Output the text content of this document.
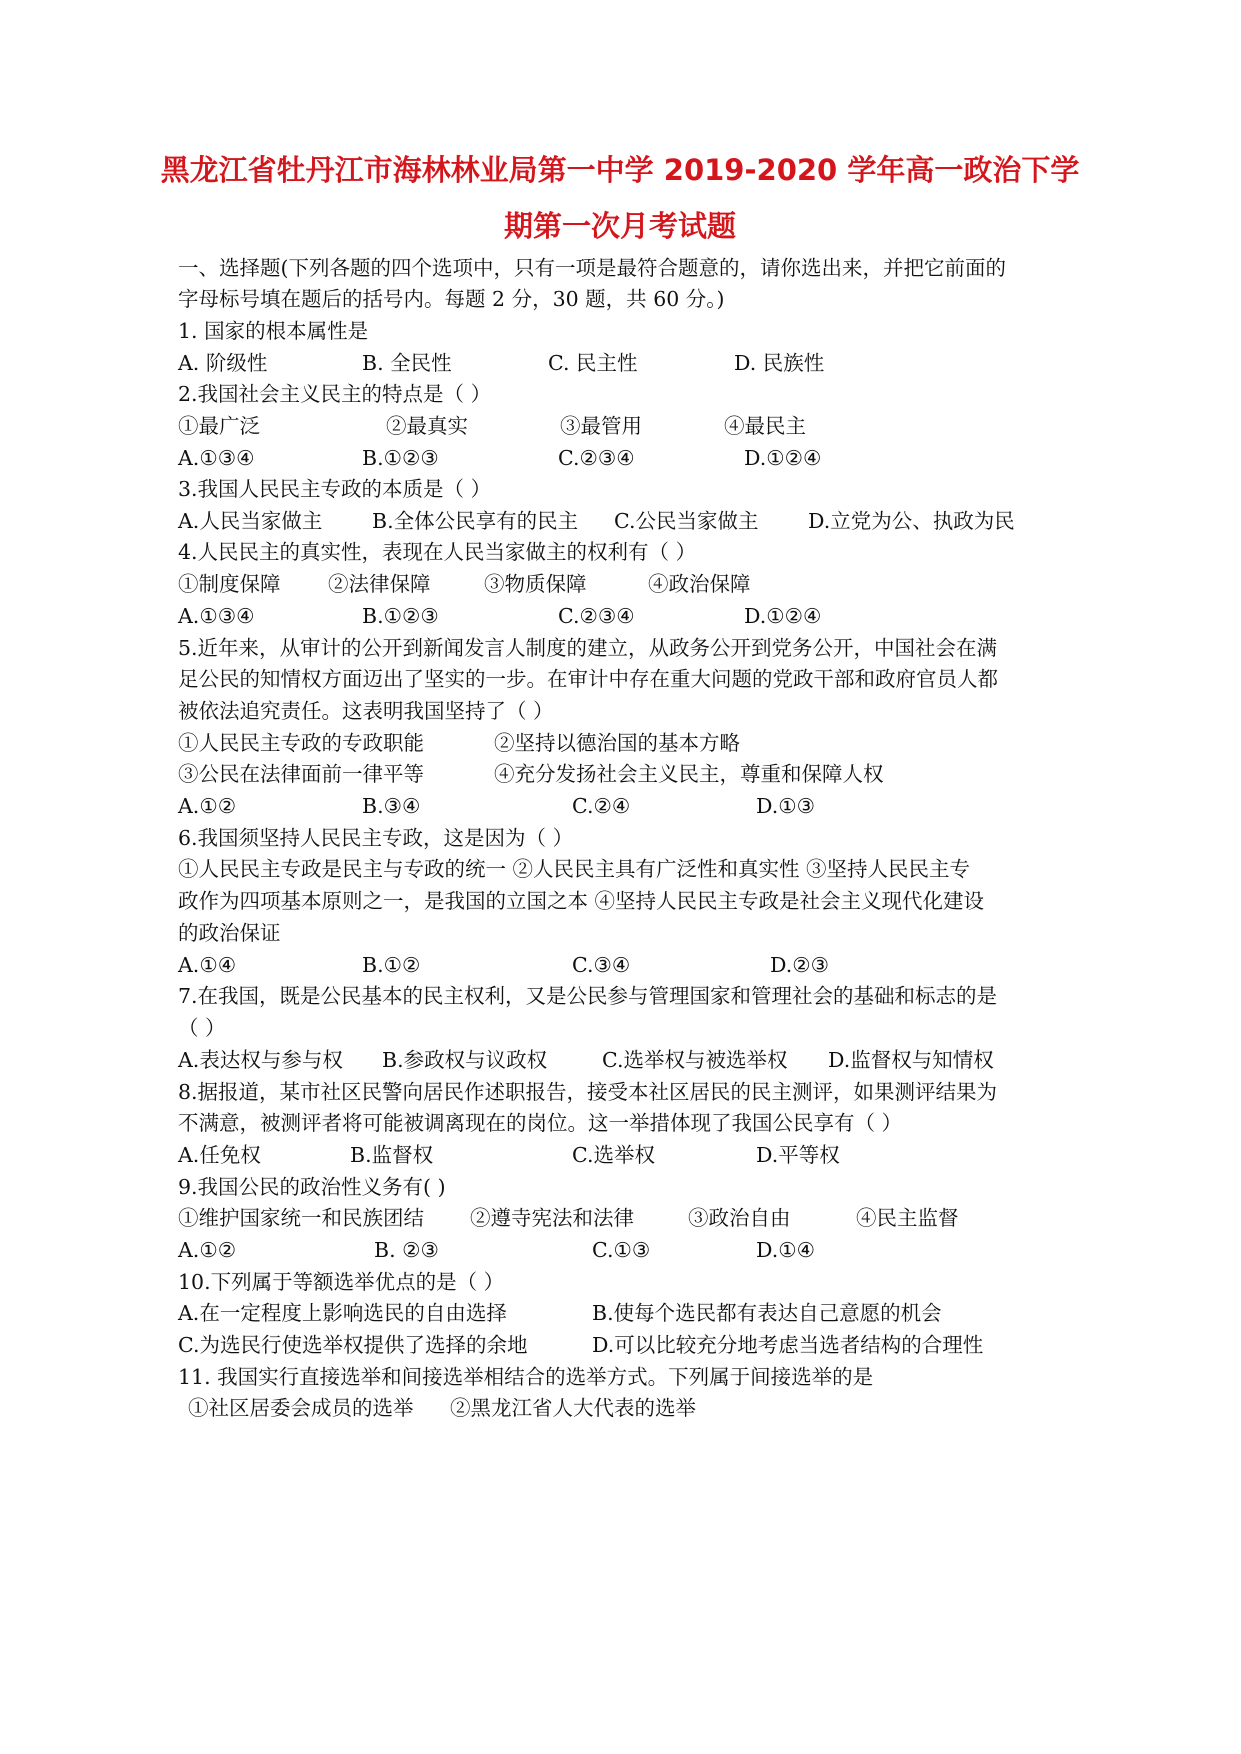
黑龙江省牡丹江市海林林业局第一中学 2019-2020 学年高一政治下学
期第一次月考试题
一、选择题(下列各题的四个选项中，只有一项是最符合题意的，请你选出来，并把它前面的
字母标号填在题后的括号内。每题 2 分，30 题，共 60 分。)
1. 国家的根本属性是
A. 阶级性	B. 全民性	C. 民主性	D. 民族性
2.我国社会主义民主的特点是（ ）
①最广泛	②最真实	③最管用	④最民主
A.①③④	B.①②③	C.②③④	D.①②④
3.我国人民民主专政的本质是（ ）
A.人民当家做主 B.全体公民享有的民主 C.公民当家做主 D.立党为公、执政为民
4.人民民主的真实性，表现在人民当家做主的权利有（ ）
①制度保障 ②法律保障	③物质保障	④政治保障
A.①③④	B.①②③	C.②③④	D.①②④
5.近年来，从审计的公开到新闻发言人制度的建立，从政务公开到党务公开，中国社会在满
足公民的知情权方面迈出了坚实的一步。在审计中存在重大问题的党政干部和政府官员人都
被依法追究责任。这表明我国坚持了（ ）
①人民民主专政的专政职能	②坚持以德治国的基本方略
③公民在法律面前一律平等	④充分发扬社会主义民主，尊重和保障人权
A.①②	B.③④	C.②④	D.①③
6.我国须坚持人民民主专政，这是因为（ ）
①人民民主专政是民主与专政的统一 ②人民民主具有广泛性和真实性 ③坚持人民民主专
政作为四项基本原则之一，是我国的立国之本 ④坚持人民民主专政是社会主义现代化建设
的政治保证
A.①④	B.①②	C.③④	D.②③
7.在我国，既是公民基本的民主权利，又是公民参与管理国家和管理社会的基础和标志的是
（ ）
A.表达权与参与权 B.参政权与议政权	C.选举权与被选举权 D.监督权与知情权
8.据报道，某市社区民警向居民作述职报告，接受本社区居民的民主测评，如果测评结果为
不满意，被测评者将可能被调离现在的岗位。这一举措体现了我国公民享有（ ）
A.任免权	B.监督权	C.选举权	D.平等权
9.我国公民的政治性义务有( )
①维护国家统一和民族团结 ②遵寺宪法和法律	③政治自由	④民主监督
A.①②	B. ②③	C.①③	D.①④
10.下列属于等额选举优点的是（ ）
A.在一定程度上影响选民的自由选择	B.使每个选民都有表达自己意愿的机会
C.为选民行使选举权提供了选择的余地	D.可以比较充分地考虑当选者结构的合理性
11. 我国实行直接选举和间接选举相结合的选举方式。下列属于间接选举的是
①社区居委会成员的选举 ②黑龙江省人大代表的选举
